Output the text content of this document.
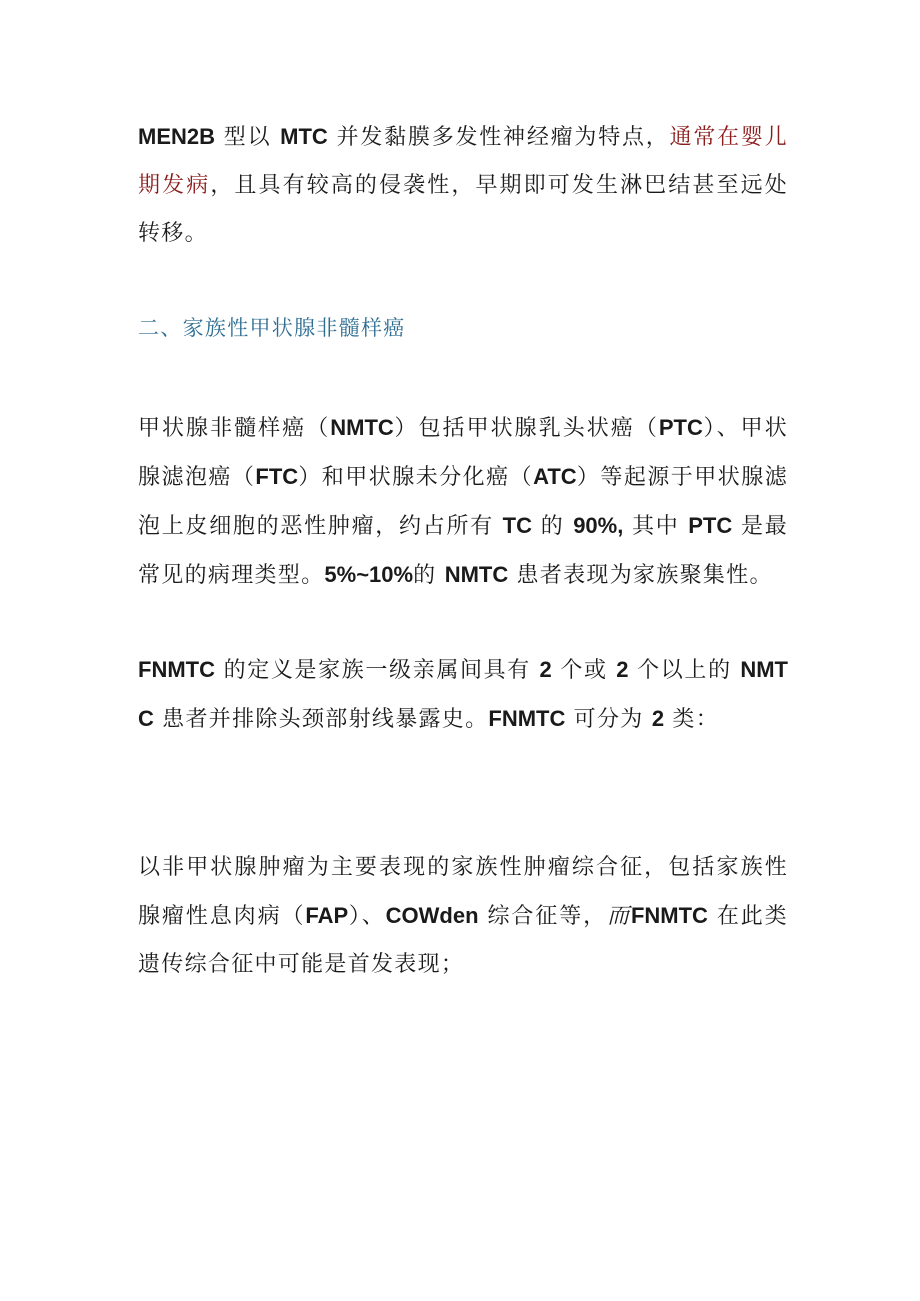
MEN2B 型以 MTC 并发黏膜多发性神经瘤为特点，通常在婴儿期发病，且具有较高的侵袭性，早期即可发生淋巴结甚至远处转移。

二、家族性甲状腺非髓样癌

甲状腺非髓样癌（NMTC）包括甲状腺乳头状癌（PTC）、甲状腺滤泡癌（FTC）和甲状腺未分化癌（ATC）等起源于甲状腺滤泡上皮细胞的恶性肿瘤，约占所有 TC 的 90%, 其中 PTC 是最常见的病理类型。5%~10%的 NMTC 患者表现为家族聚集性。

FNMTC 的定义是家族一级亲属间具有 2 个或 2 个以上的 NMTC 患者并排除头颈部射线暴露史。FNMTC 可分为 2 类：

以非甲状腺肿瘤为主要表现的家族性肿瘤综合征，包括家族性腺瘤性息肉病（FAP）、COWden 综合征等，而FNMTC 在此类遗传综合征中可能是首发表现；
